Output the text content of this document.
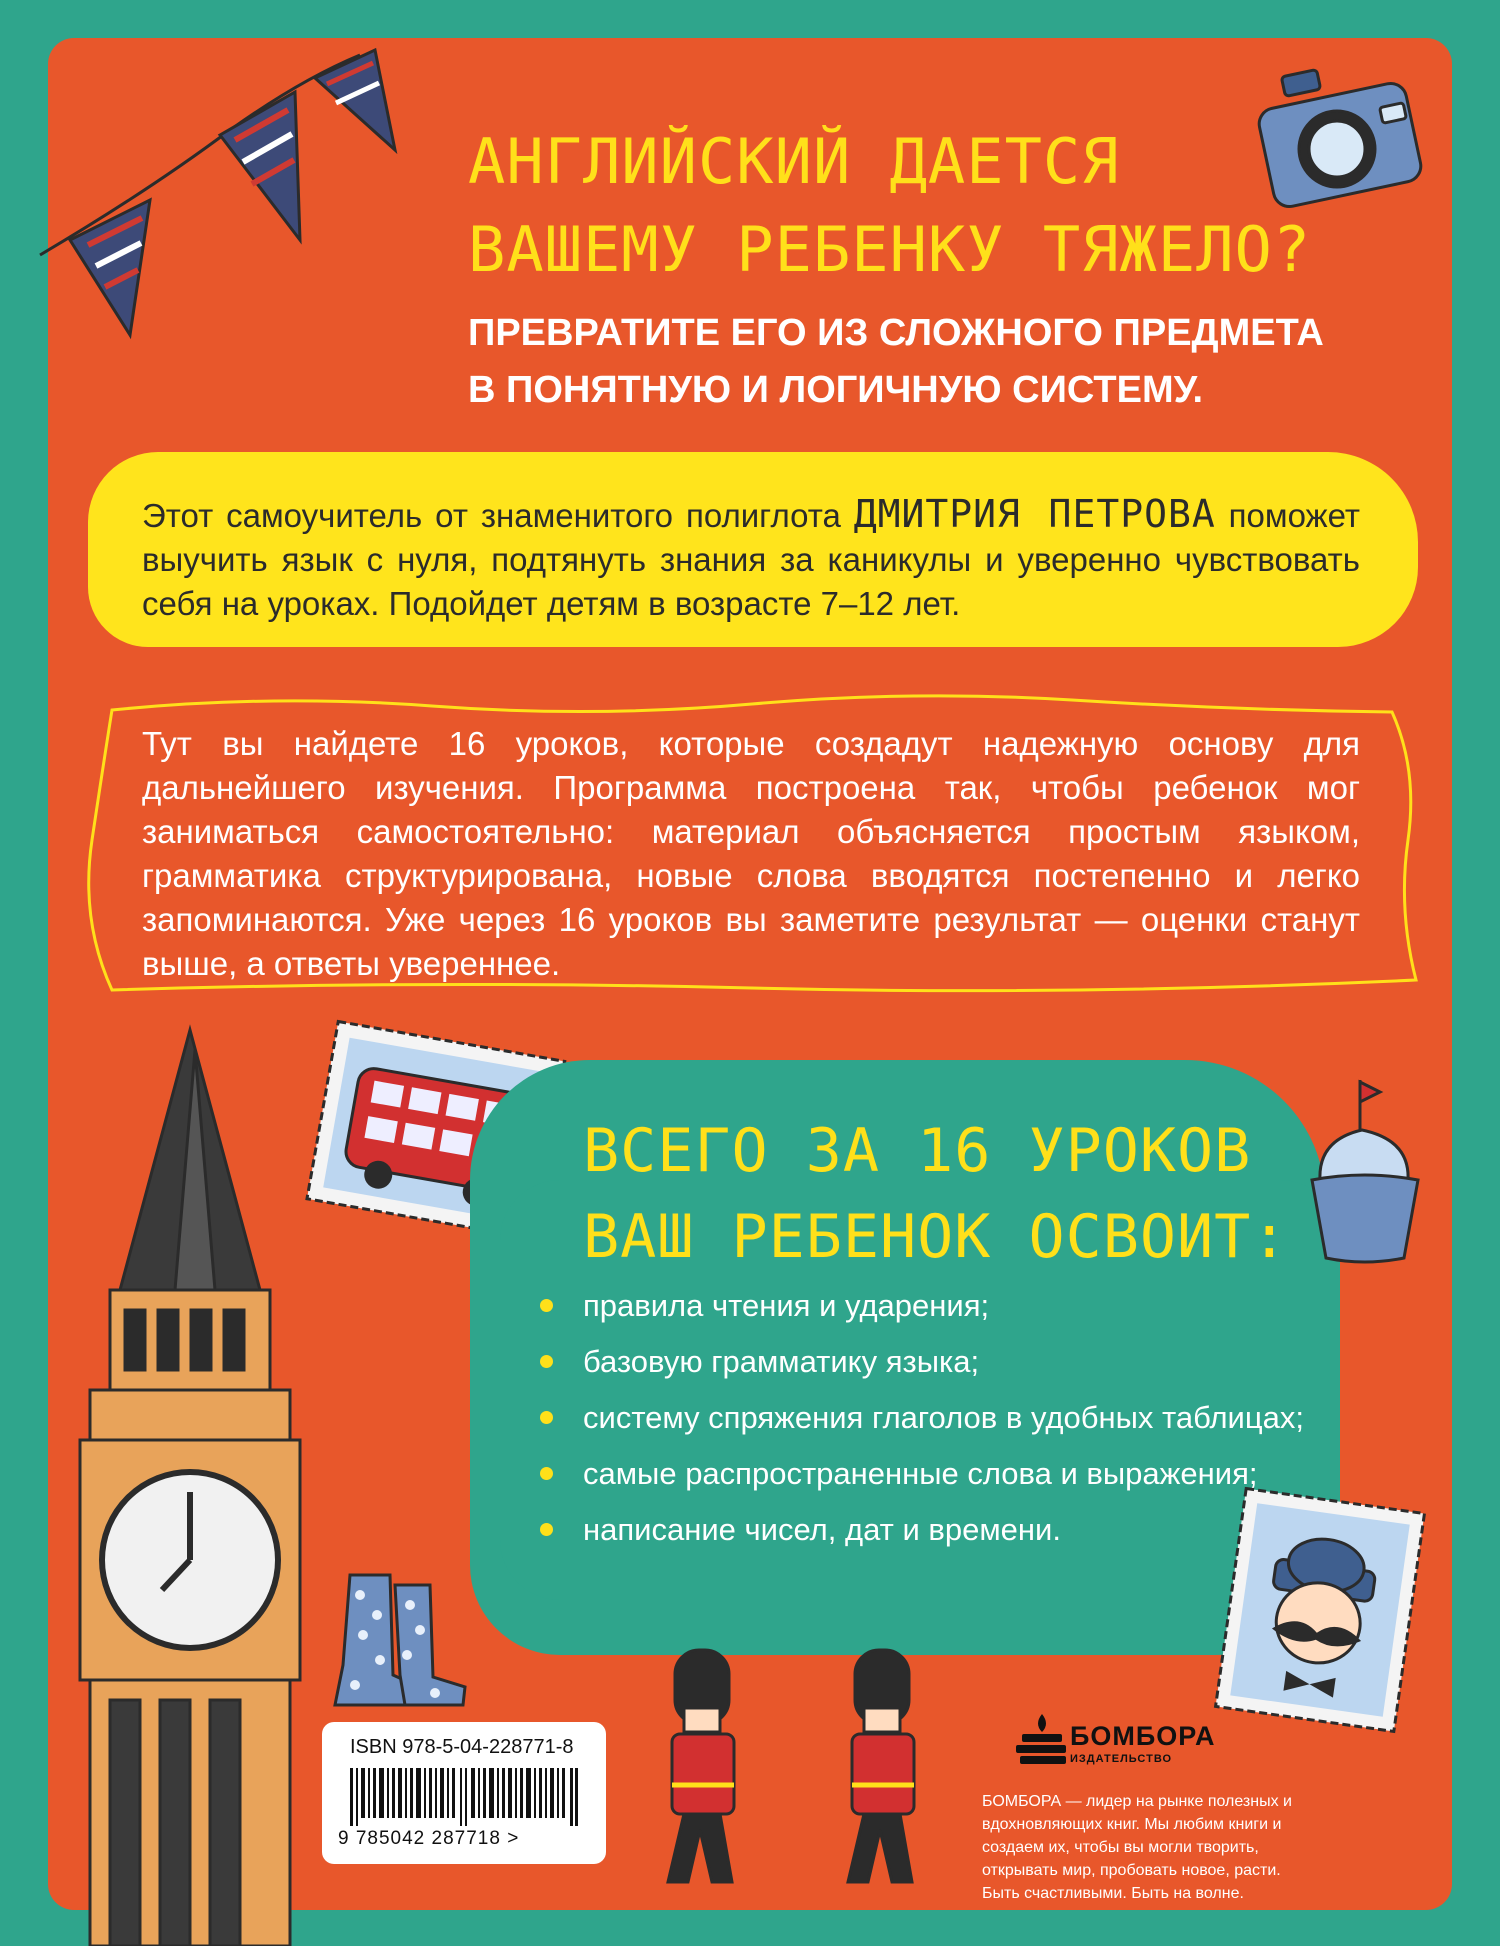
АНГЛИЙСКИЙ ДАЕТСЯ
ВАШЕМУ РЕБЕНКУ ТЯЖЕЛО?
ПРЕВРАТИТЕ ЕГО ИЗ СЛОЖНОГО ПРЕДМЕТА
В ПОНЯТНУЮ И ЛОГИЧНУЮ СИСТЕМУ.
Этот самоучитель от знаменитого полиглота ДМИТРИЯ ПЕТРОВА поможет выучить язык с нуля, подтянуть знания за каникулы и уверенно чувствовать себя на уроках. Подойдет детям в возрасте 7–12 лет.
Тут вы найдете 16 уроков, которые создадут надежную основу для дальнейшего изучения. Программа построена так, чтобы ребенок мог заниматься самостоятельно: материал объясняется простым языком, грамматика структурирована, новые слова вводятся постепенно и легко запоминаются. Уже через 16 уроков вы заметите результат — оценки станут выше, а ответы увереннее.
ВСЕГО ЗА 16 УРОКОВ
ВАШ РЕБЕНОК ОСВОИТ:
правила чтения и ударения;
базовую грамматику языка;
систему спряжения глаголов в удобных таблицах;
самые распространенные слова и выражения;
написание чисел, дат и времени.
ISBN 978-5-04-228771-8
9 785042 287718 >
БОМБОРА
ИЗДАТЕЛЬСТВО
БОМБОРА — лидер на рынке полезных и вдохновляющих книг. Мы любим книги и создаем их, чтобы вы могли творить, открывать мир, пробовать новое, расти. Быть счастливыми. Быть на волне.
